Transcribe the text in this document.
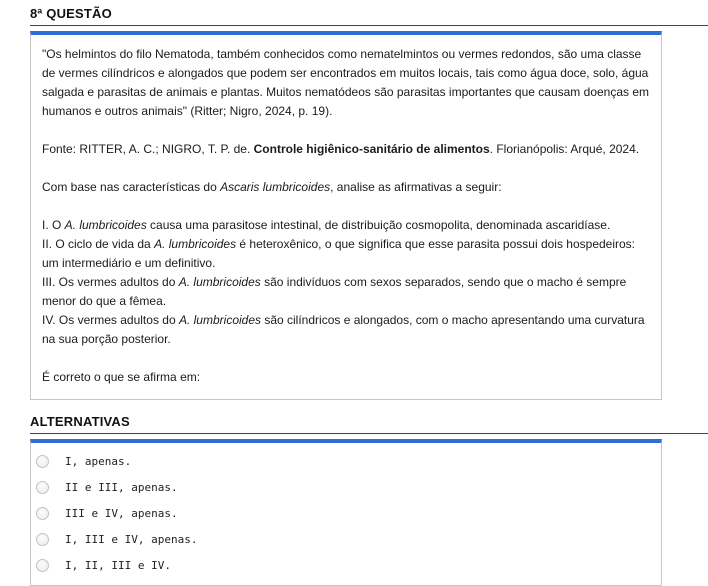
8ª QUESTÃO
"Os helmintos do filo Nematoda, também conhecidos como nematelmintos ou vermes redondos, são uma classe de vermes cilíndricos e alongados que podem ser encontrados em muitos locais, tais como água doce, solo, água salgada e parasitas de animais e plantas. Muitos nematódeos são parasitas importantes que causam doenças em humanos e outros animais" (Ritter; Nigro, 2024, p. 19).
Fonte: RITTER, A. C.; NIGRO, T. P. de. Controle higiênico-sanitário de alimentos. Florianópolis: Arqué, 2024.
Com base nas características do Ascaris lumbricoides, analise as afirmativas a seguir:
I. O A. lumbricoides causa uma parasitose intestinal, de distribuição cosmopolita, denominada ascaridíase.
II. O ciclo de vida da A. lumbricoides é heteroxênico, o que significa que esse parasita possui dois hospedeiros: um intermediário e um definitivo.
III. Os vermes adultos do A. lumbricoides são indivíduos com sexos separados, sendo que o macho é sempre menor do que a fêmea.
IV. Os vermes adultos do A. lumbricoides são cilíndricos e alongados, com o macho apresentando uma curvatura na sua porção posterior.
É correto o que se afirma em:
ALTERNATIVAS
I, apenas.
II e III, apenas.
III e IV, apenas.
I, III e IV, apenas.
I, II, III e IV.
